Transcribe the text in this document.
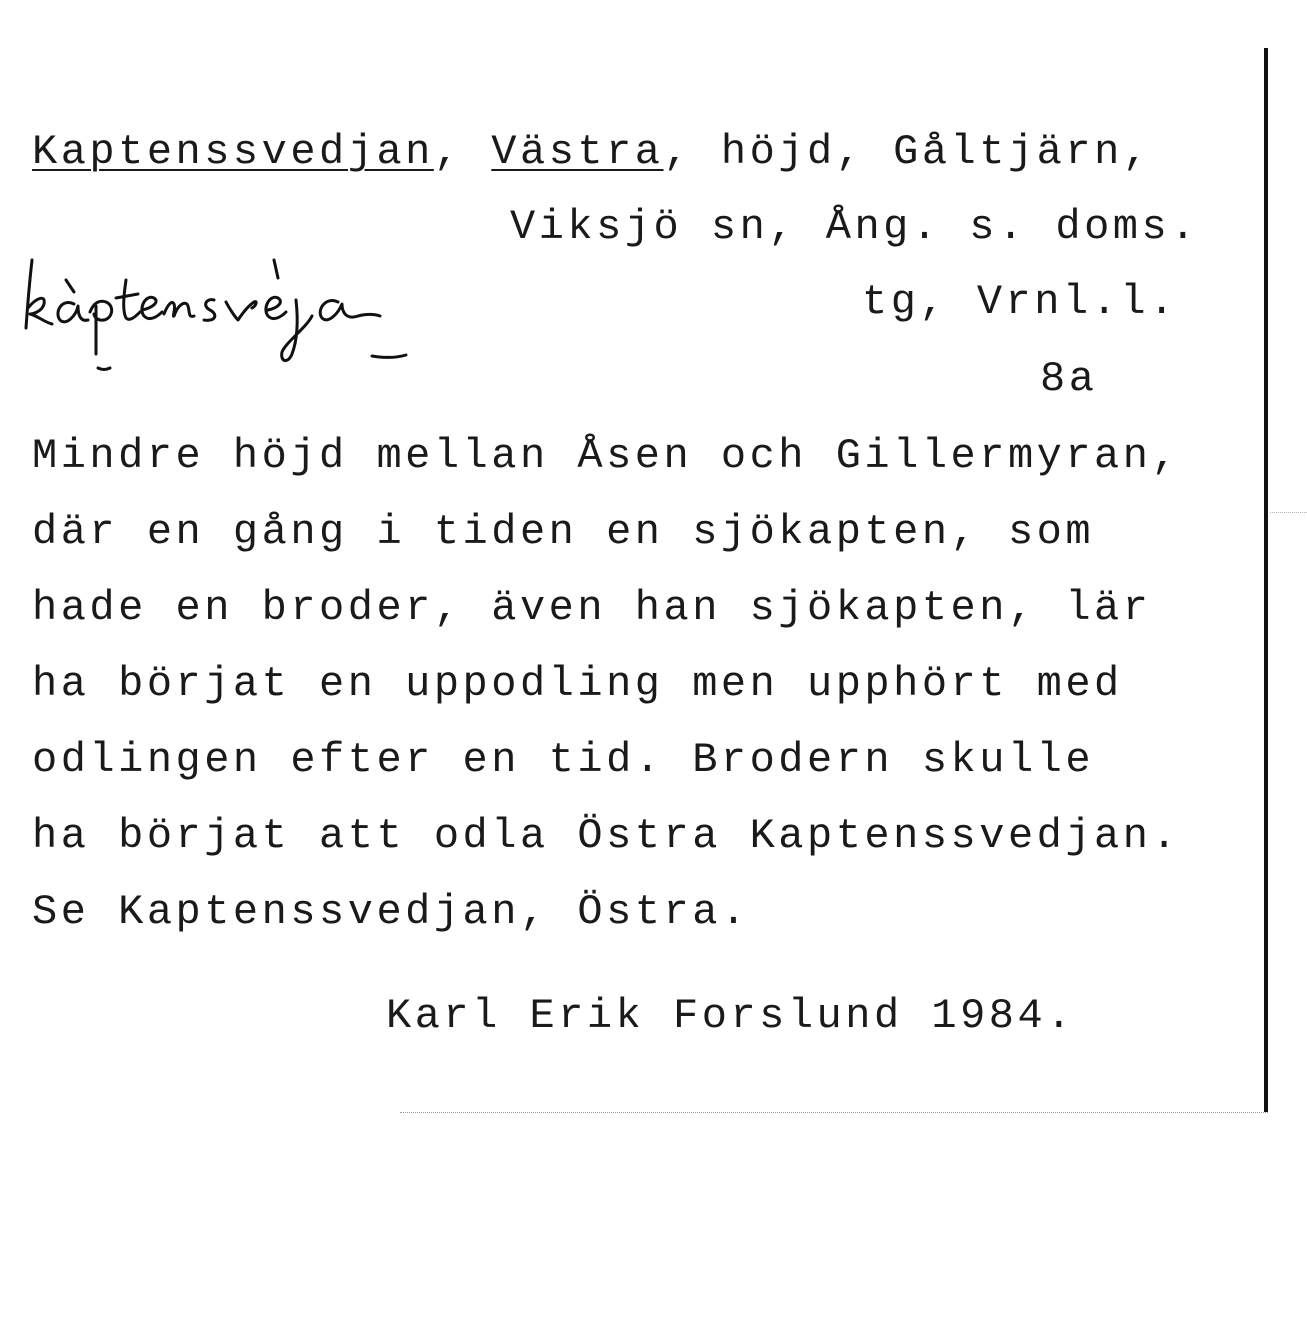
Kaptenssvedjan, Västra, höjd, Gåltjärn,
Viksjö sn, Ång. s. doms.
tg, Vrnl.l.
8a
Mindre höjd mellan Åsen och Gillermyran,
där en gång i tiden en sjökapten, som
hade en broder, även han sjökapten, lär
ha börjat en uppodling men upphört med
odlingen efter en tid. Brodern skulle
ha börjat att odla Östra Kaptenssvedjan.
Se Kaptenssvedjan, Östra.
Karl Erik Forslund 1984.
